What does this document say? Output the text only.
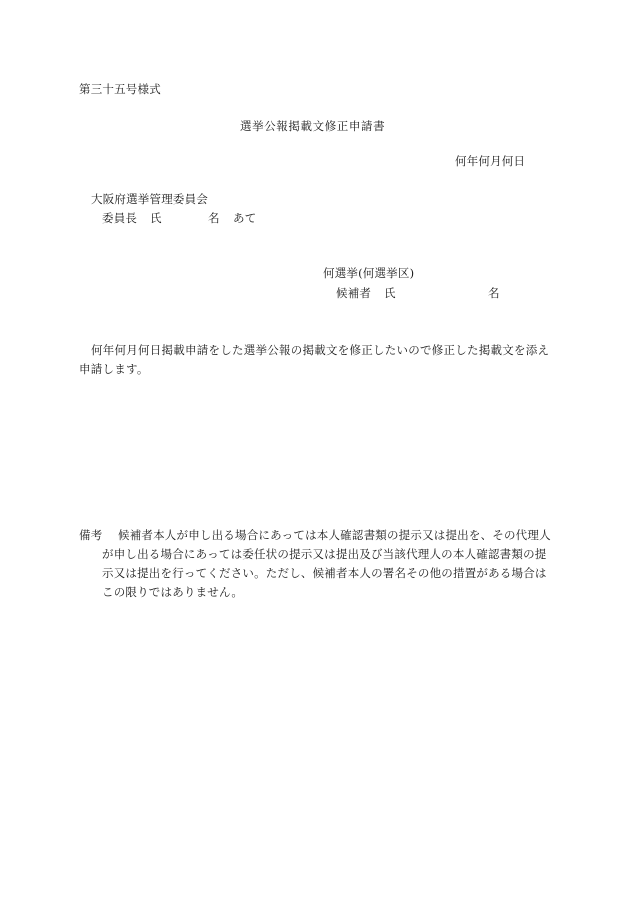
第三十五号様式
選挙公報掲載文修正申請書
何年何月何日
大阪府選挙管理委員会
委員長 氏	名 あて
何選挙(何選挙区)
候補者 氏	名
何年何月何日掲載申請をした選挙公報の掲載文を修正したいので修正した掲載文を添え
申請します。
備考 候補者本人が申し出る場合にあっては本人確認書類の提示又は提出を、その代理人
が申し出る場合にあっては委任状の提示又は提出及び当該代理人の本人確認書類の提
示又は提出を行ってください。ただし、候補者本人の署名その他の措置がある場合は
この限りではありません。
